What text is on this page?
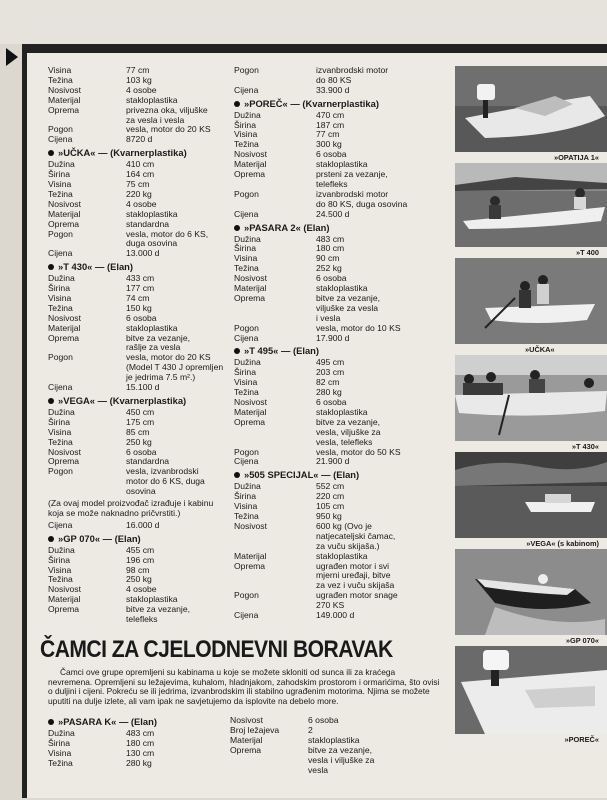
Visina	77 cm
Težina	103 kg
Nosivost	4 osobe
Materijal	stakloplastika
Oprema	privezna oka, viljuške
za vesla i vesla
Pogon	vesla, motor do 20 KS
Cijena	8720 d
»UČKA« — (Kvarnerplastika)
Dužina	410 cm
Širina	164 cm
Visina	75 cm
Težina	220 kg
Nosivost	4 osobe
Materijal	stakloplastika
Oprema	standardna
Pogon	vesla, motor do 6 KS,
duga osovina
Cijena	13.000 d
»T 430« — (Elan)
Dužina	433 cm
Širina	177 cm
Visina	74 cm
Težina	150 kg
Nosivost	6 osoba
Materijal	stakloplastika
Oprema	bitve za vezanje,
rašlje za vesla
Pogon	vesla, motor do 20 KS
(Model T 430 J opremljen
je jedrima 7.5 m².)
Cijena	15.100 d
»VEGA« — (Kvarnerplastika)
Dužina	450 cm
Širina	175 cm
Visina	85 cm
Težina	250 kg
Nosivost	6 osoba
Oprema	standardna
Pogon	vesla, izvanbrodski
motor do 6 KS, duga
osovina
(Za ovaj model proizvođač izrađuje i kabinu
koja se može naknadno pričvrstiti.)
Cijena	16.000 d
»GP 070« — (Elan)
Dužina	455 cm
Širina	196 cm
Visina	98 cm
Težina	250 kg
Nosivost	4 osobe
Materijal	stakloplastika
Oprema	bitve za vezanje,
telefleks
Pogon	izvanbrodski motor
do 80 KS
Cijena	33.900 d
»POREČ« — (Kvarnerplastika)
Dužina	470 cm
Širina	187 cm
Visina	77 cm
Težina	300 kg
Nosivost	6 osoba
Materijal	stakloplastika
Oprema	prsteni za vezanje,
telefleks
Pogon	izvanbrodski motor
do 80 KS, duga osovina
Cijena	24.500 d
»PASARA 2« (Elan)
Dužina	483 cm
Širina	180 cm
Visina	90 cm
Težina	252 kg
Nosivost	6 osoba
Materijal	stakloplastika
Oprema	bitve za vezanje,
viljuške za vesla
i vesla
Pogon	vesla, motor do 10 KS
Cijena	17.900 d
»T 495« — (Elan)
Dužina	495 cm
Širina	203 cm
Visina	82 cm
Težina	280 kg
Nosivost	6 osoba
Materijal	stakloplastika
Oprema	bitve za vezanje,
vesla, viljuške za
vesla, telefleks
Pogon	vesla, motor do 50 KS
Cijena	21.900 d
»505 SPECIJAL« — (Elan)
Dužina	552 cm
Širina	220 cm
Visina	105 cm
Težina	950 kg
Nosivost	600 kg (Ovo je
natjecateljski čamac,
za vuču skijaša.)
Materijal	stakloplastika
Oprema	ugrađen motor i svi
mjerni uređaji, bitve
za vez i vuču skijaša
Pogon	ugrađen motor snage
270 KS
Cijena	149.000 d
ČAMCI ZA CJELODNEVNI BORAVAK
Čamci ove grupe opremljeni su kabinama u koje se možete skloniti od sunca ili za kraćega nevremena. Opremljeni su ležajevima, kuhalom, hladnjakom, zahodskim prostorom i ormarićima, što ovisi o duljini i cijeni. Pokreću se ili jedrima, izvanbrodskim ili stabilno ugrađenim motorima. Njima se možete uputiti na dulje izlete, ali vam ipak ne savjetujemo da isplovite na debelo more.
»PASARA K« — (Elan)
Dužina	483 cm
Širina	180 cm
Visina	130 cm
Težina	280 kg
Nosivost	6 osoba
Broj ležajeva	2
Materijal	stakloplastika
Oprema	bitve za vezanje,
vesla i viljuške za
vesla
»OPATIJA 1«
»T 400
»UČKA«
»T 430«
»VEGA« (s kabinom)
»GP 070«
»POREČ«
